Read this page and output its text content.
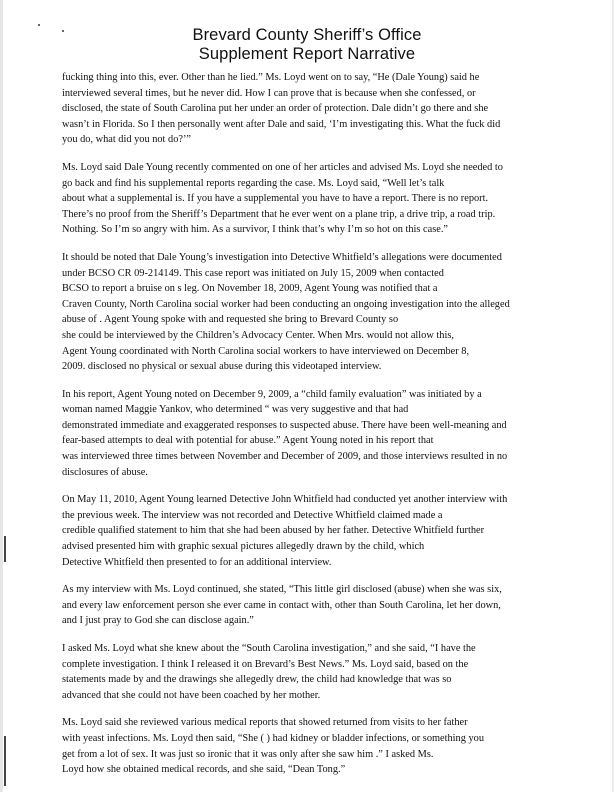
Brevard County Sheriff’s Office
Supplement Report Narrative

fucking thing into this, ever. Other than he lied.” Ms. Loyd went on to say, “He (Dale Young) said he
interviewed several times, but he never did. How I can prove that is because when she confessed, or
disclosed, the state of South Carolina put her under an order of protection. Dale didn’t go there and she
wasn’t in Florida. So I then personally went after Dale and said, ‘I’m investigating this. What the fuck did
you do, what did you not do?’”

Ms. Loyd said Dale Young recently commented on one of her articles and advised Ms. Loyd she needed to
go back and find his supplemental reports regarding the case. Ms. Loyd said, “Well let’s talk
about what a supplemental is. If you have a supplemental you have to have a report. There is no report.
There’s no proof from the Sheriff’s Department that he ever went on a plane trip, a drive trip, a road trip.
Nothing. So I’m so angry with him. As a survivor, I think that’s why I’m so hot on this case.”

It should be noted that Dale Young’s investigation into Detective Whitfield’s allegations were documented
under BCSO CR 09-214149. This case report was initiated on July 15, 2009 when contacted
BCSO to report a bruise on s leg. On November 18, 2009, Agent Young was notified that a
Craven County, North Carolina social worker had been conducting an ongoing investigation into the alleged
abuse of . Agent Young spoke with and requested she bring to Brevard County so
she could be interviewed by the Children’s Advocacy Center. When Mrs. would not allow this,
Agent Young coordinated with North Carolina social workers to have interviewed on December 8,
2009. disclosed no physical or sexual abuse during this videotaped interview.

In his report, Agent Young noted on December 9, 2009, a “child family evaluation” was initiated by a
woman named Maggie Yankov, who determined “ was very suggestive and that had
demonstrated immediate and exaggerated responses to suspected abuse. There have been well-meaning and
fear-based attempts to deal with potential for abuse.” Agent Young noted in his report that
was interviewed three times between November and December of 2009, and those interviews resulted in no
disclosures of abuse.

On May 11, 2010, Agent Young learned Detective John Whitfield had conducted yet another interview with
the previous week. The interview was not recorded and Detective Whitfield claimed made a
credible qualified statement to him that she had been abused by her father. Detective Whitfield further
advised presented him with graphic sexual pictures allegedly drawn by the child, which
Detective Whitfield then presented to for an additional interview.

As my interview with Ms. Loyd continued, she stated, “This little girl disclosed (abuse) when she was six,
and every law enforcement person she ever came in contact with, other than South Carolina, let her down,
and I just pray to God she can disclose again.”

I asked Ms. Loyd what she knew about the “South Carolina investigation,” and she said, “I have the
complete investigation. I think I released it on Brevard’s Best News.” Ms. Loyd said, based on the
statements made by and the drawings she allegedly drew, the child had knowledge that was so
advanced that she could not have been coached by her mother.

Ms. Loyd said she reviewed various medical reports that showed returned from visits to her father
with yeast infections. Ms. Loyd then said, “She ( ) had kidney or bladder infections, or something you
get from a lot of sex. It was just so ironic that it was only after she saw him .” I asked Ms.
Loyd how she obtained medical records, and she said, “Dean Tong.”
